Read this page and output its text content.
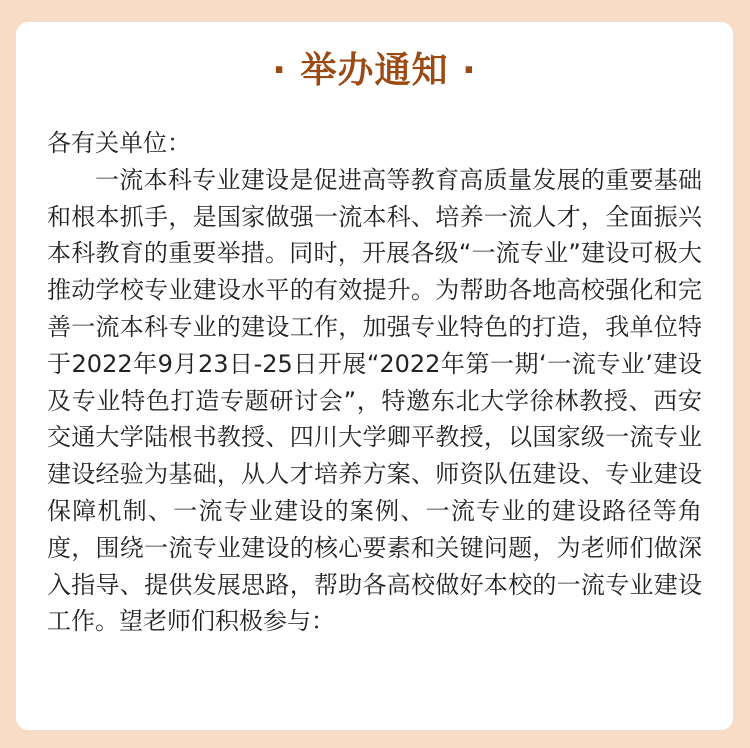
· 举办通知 ·

各有关单位：

一流本科专业建设是促进高等教育高质量发展的重要基础和根本抓手，是国家做强一流本科、培养一流人才，全面振兴本科教育的重要举措。同时，开展各级“一流专业”建设可极大推动学校专业建设水平的有效提升。为帮助各地高校强化和完善一流本科专业的建设工作，加强专业特色的打造，我单位特于2022年9月23日-25日开展“2022年第一期‘一流专业’建设及专业特色打造专题研讨会”，特邀东北大学徐林教授、西安交通大学陆根书教授、四川大学卿平教授，以国家级一流专业建设经验为基础，从人才培养方案、师资队伍建设、专业建设保障机制、一流专业建设的案例、一流专业的建设路径等角度，围绕一流专业建设的核心要素和关键问题，为老师们做深入指导、提供发展思路，帮助各高校做好本校的一流专业建设工作。望老师们积极参与：
